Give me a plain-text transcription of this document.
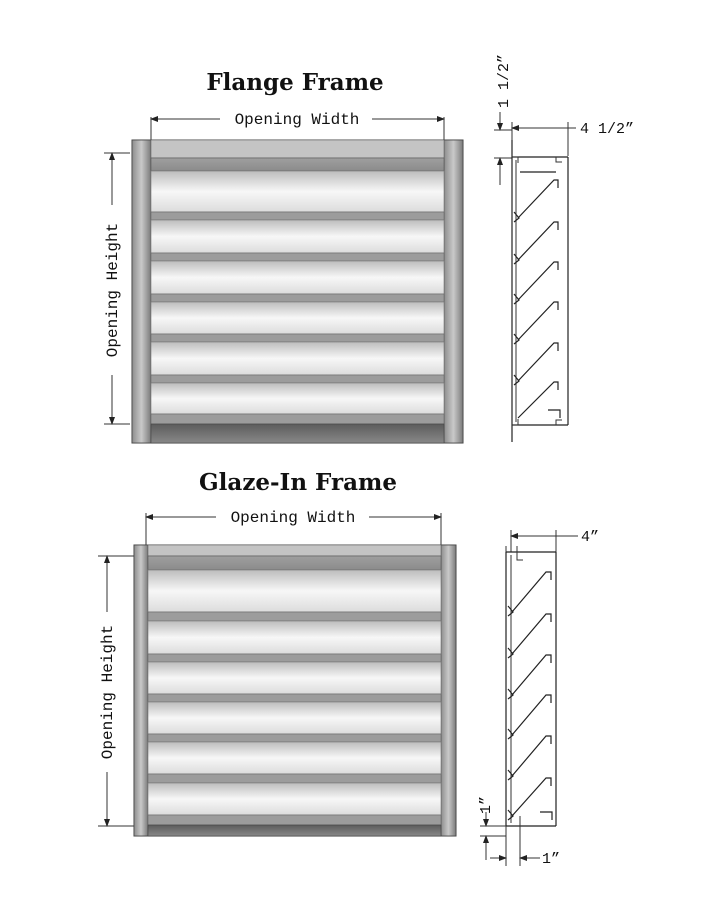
Flange Frame
Opening Width
Opening Height
1 1/2”
4 1/2”
Glaze-In Frame
Opening Width
Opening Height
4”
1”
1”
